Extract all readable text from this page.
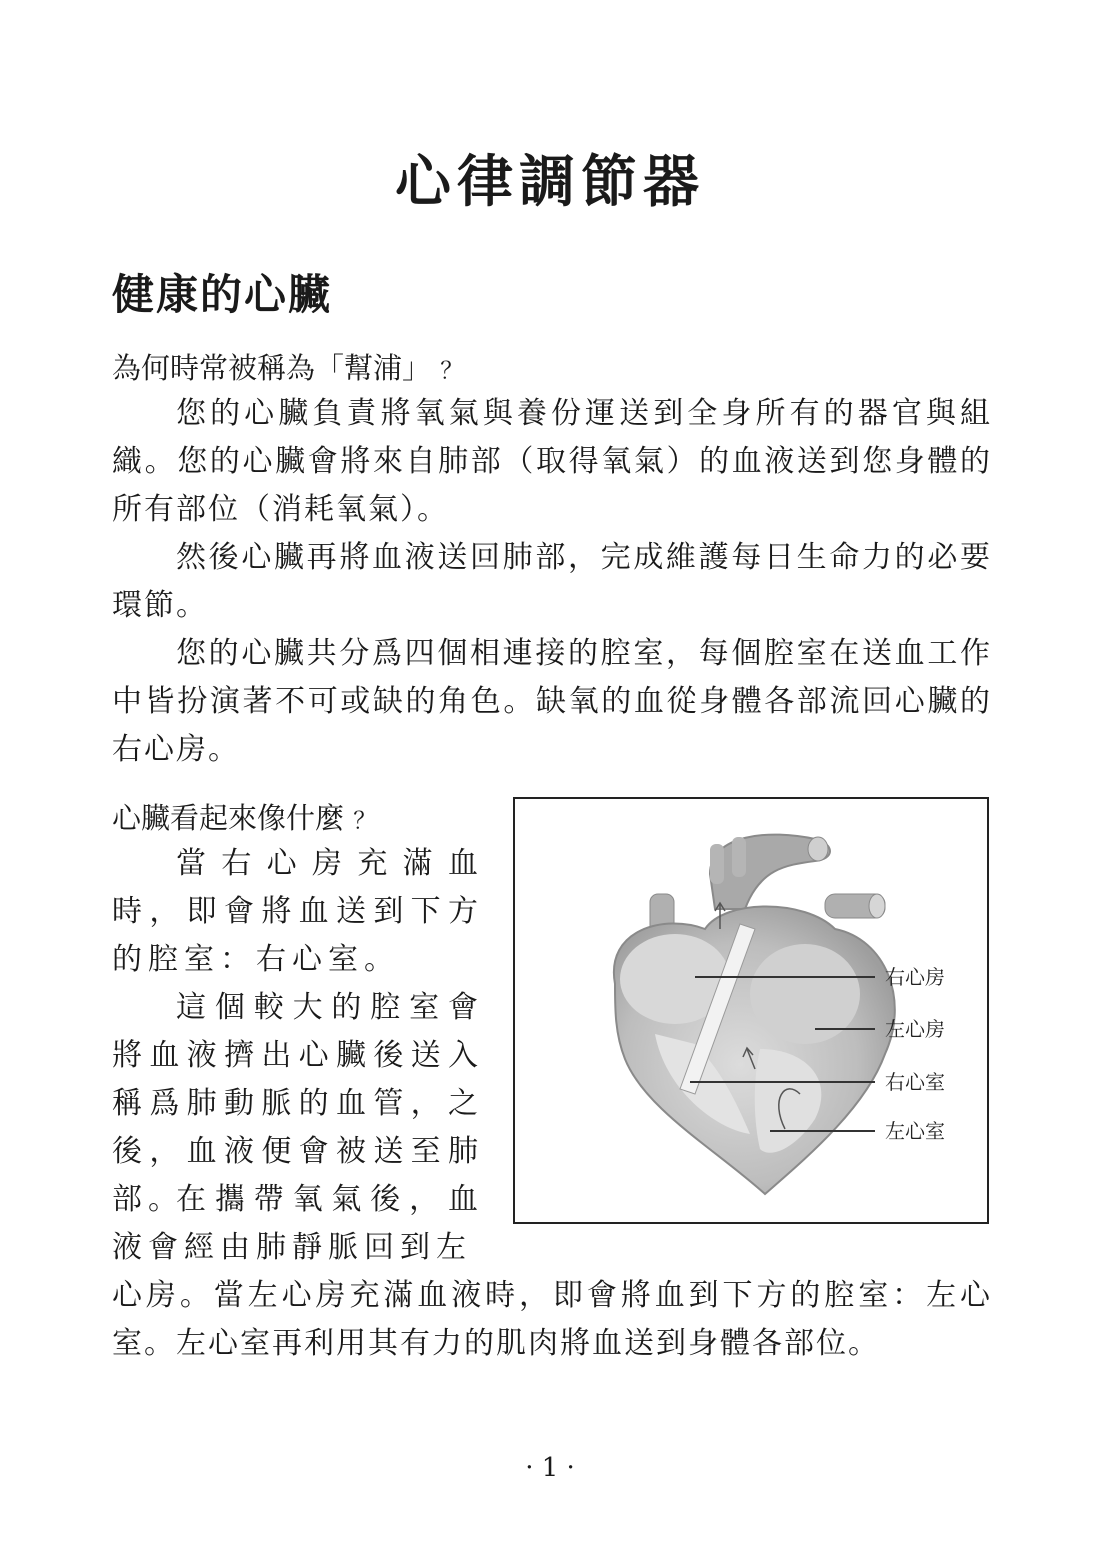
心律調節器
健康的心臟
為何時常被稱為「幫浦」 ？

您的心臟負責將氧氣與養份運送到全身所有的器官與組織。您的心臟會將來自肺部（取得氧氣）的血液送到您身體的所有部位（消耗氧氣）。

然後心臟再將血液送回肺部，完成維護每日生命力的必要環節。

您的心臟共分爲四個相連接的腔室，每個腔室在送血工作中皆扮演著不可或缺的角色。缺氧的血從身體各部流回心臟的右心房。

心臟看起來像什麼 ？

當右心房充滿血時，即會將血送到下方的腔室：右心室。

這個較大的腔室會將血液擠出心臟後送入稱爲肺動脈的血管，之後，血液便會被送至肺部。

在攜帶氧氣後，血液會經由肺靜脈回到左

心房。當左心房充滿血液時，即會將血到下方的腔室：左心室。左心室再利用其有力的肌肉將血送到身體各部位。

右心房
左心房
右心室
左心室
· 1 ·
